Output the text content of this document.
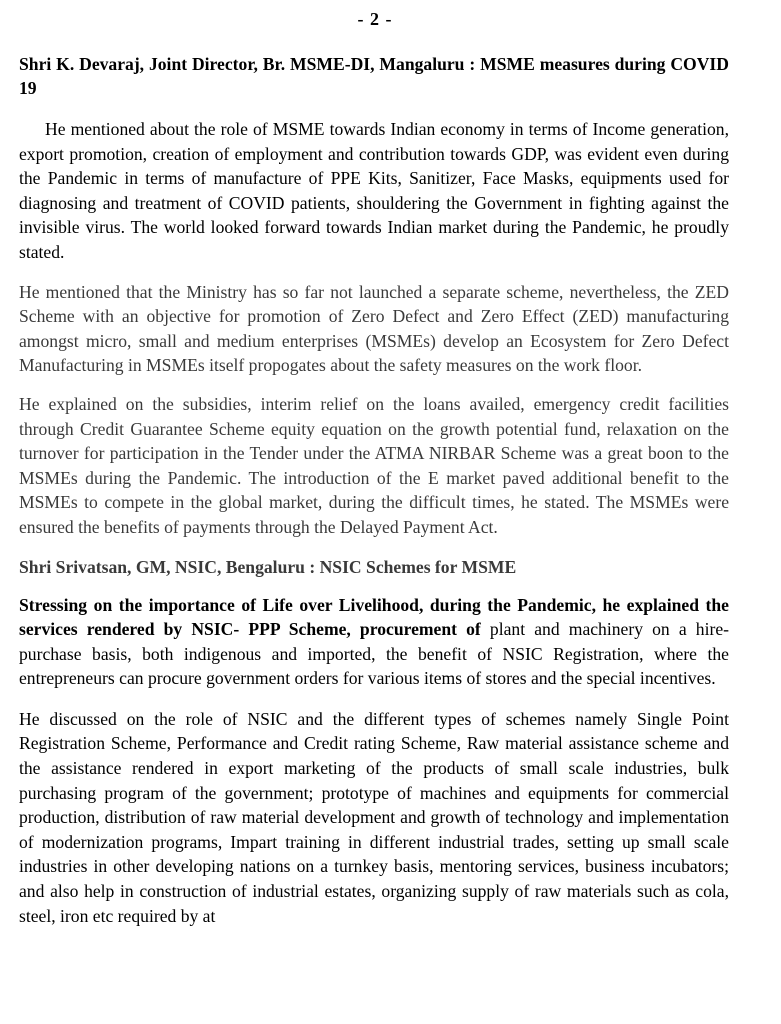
- 2 -
Shri K. Devaraj, Joint Director, Br. MSME-DI, Mangaluru : MSME measures during COVID 19

He mentioned about the role of MSME towards Indian economy in terms of Income generation, export promotion, creation of employment and contribution towards GDP, was evident even during the Pandemic in terms of manufacture of PPE Kits, Sanitizer, Face Masks, equipments used for diagnosing and treatment of COVID patients, shouldering the Government in fighting against the invisible virus. The world looked forward towards Indian market during the Pandemic, he proudly stated.

He mentioned that the Ministry has so far not launched a separate scheme, nevertheless, the ZED Scheme with an objective for promotion of Zero Defect and Zero Effect (ZED) manufacturing amongst micro, small and medium enterprises (MSMEs) develop an Ecosystem for Zero Defect Manufacturing in MSMEs itself propogates about the safety measures on the work floor.

He explained on the subsidies, interim relief on the loans availed, emergency credit facilities through Credit Guarantee Scheme equity equation on the growth potential fund, relaxation on the turnover for participation in the Tender under the ATMA NIRBAR Scheme was a great boon to the MSMEs during the Pandemic. The introduction of the E market paved additional benefit to the MSMEs to compete in the global market, during the difficult times, he stated. The MSMEs were ensured the benefits of payments through the Delayed Payment Act.

Shri Srivatsan, GM, NSIC, Bengaluru : NSIC Schemes for MSME

Stressing on the importance of Life over Livelihood, during the Pandemic, he explained the services rendered by NSIC- PPP Scheme, procurement of plant and machinery on a hire-purchase basis, both indigenous and imported, the benefit of NSIC Registration, where the entrepreneurs can procure government orders for various items of stores and the special incentives.

He discussed on the role of NSIC and the different types of schemes namely Single Point Registration Scheme, Performance and Credit rating Scheme, Raw material assistance scheme and the assistance rendered in export marketing of the products of small scale industries, bulk purchasing program of the government; prototype of machines and equipments for commercial production, distribution of raw material development and growth of technology and implementation of modernization programs, Impart training in different industrial trades, setting up small scale industries in other developing nations on a turnkey basis, mentoring services, business incubators; and also help in construction of industrial estates, organizing supply of raw materials such as cola, steel, iron etc required by at
